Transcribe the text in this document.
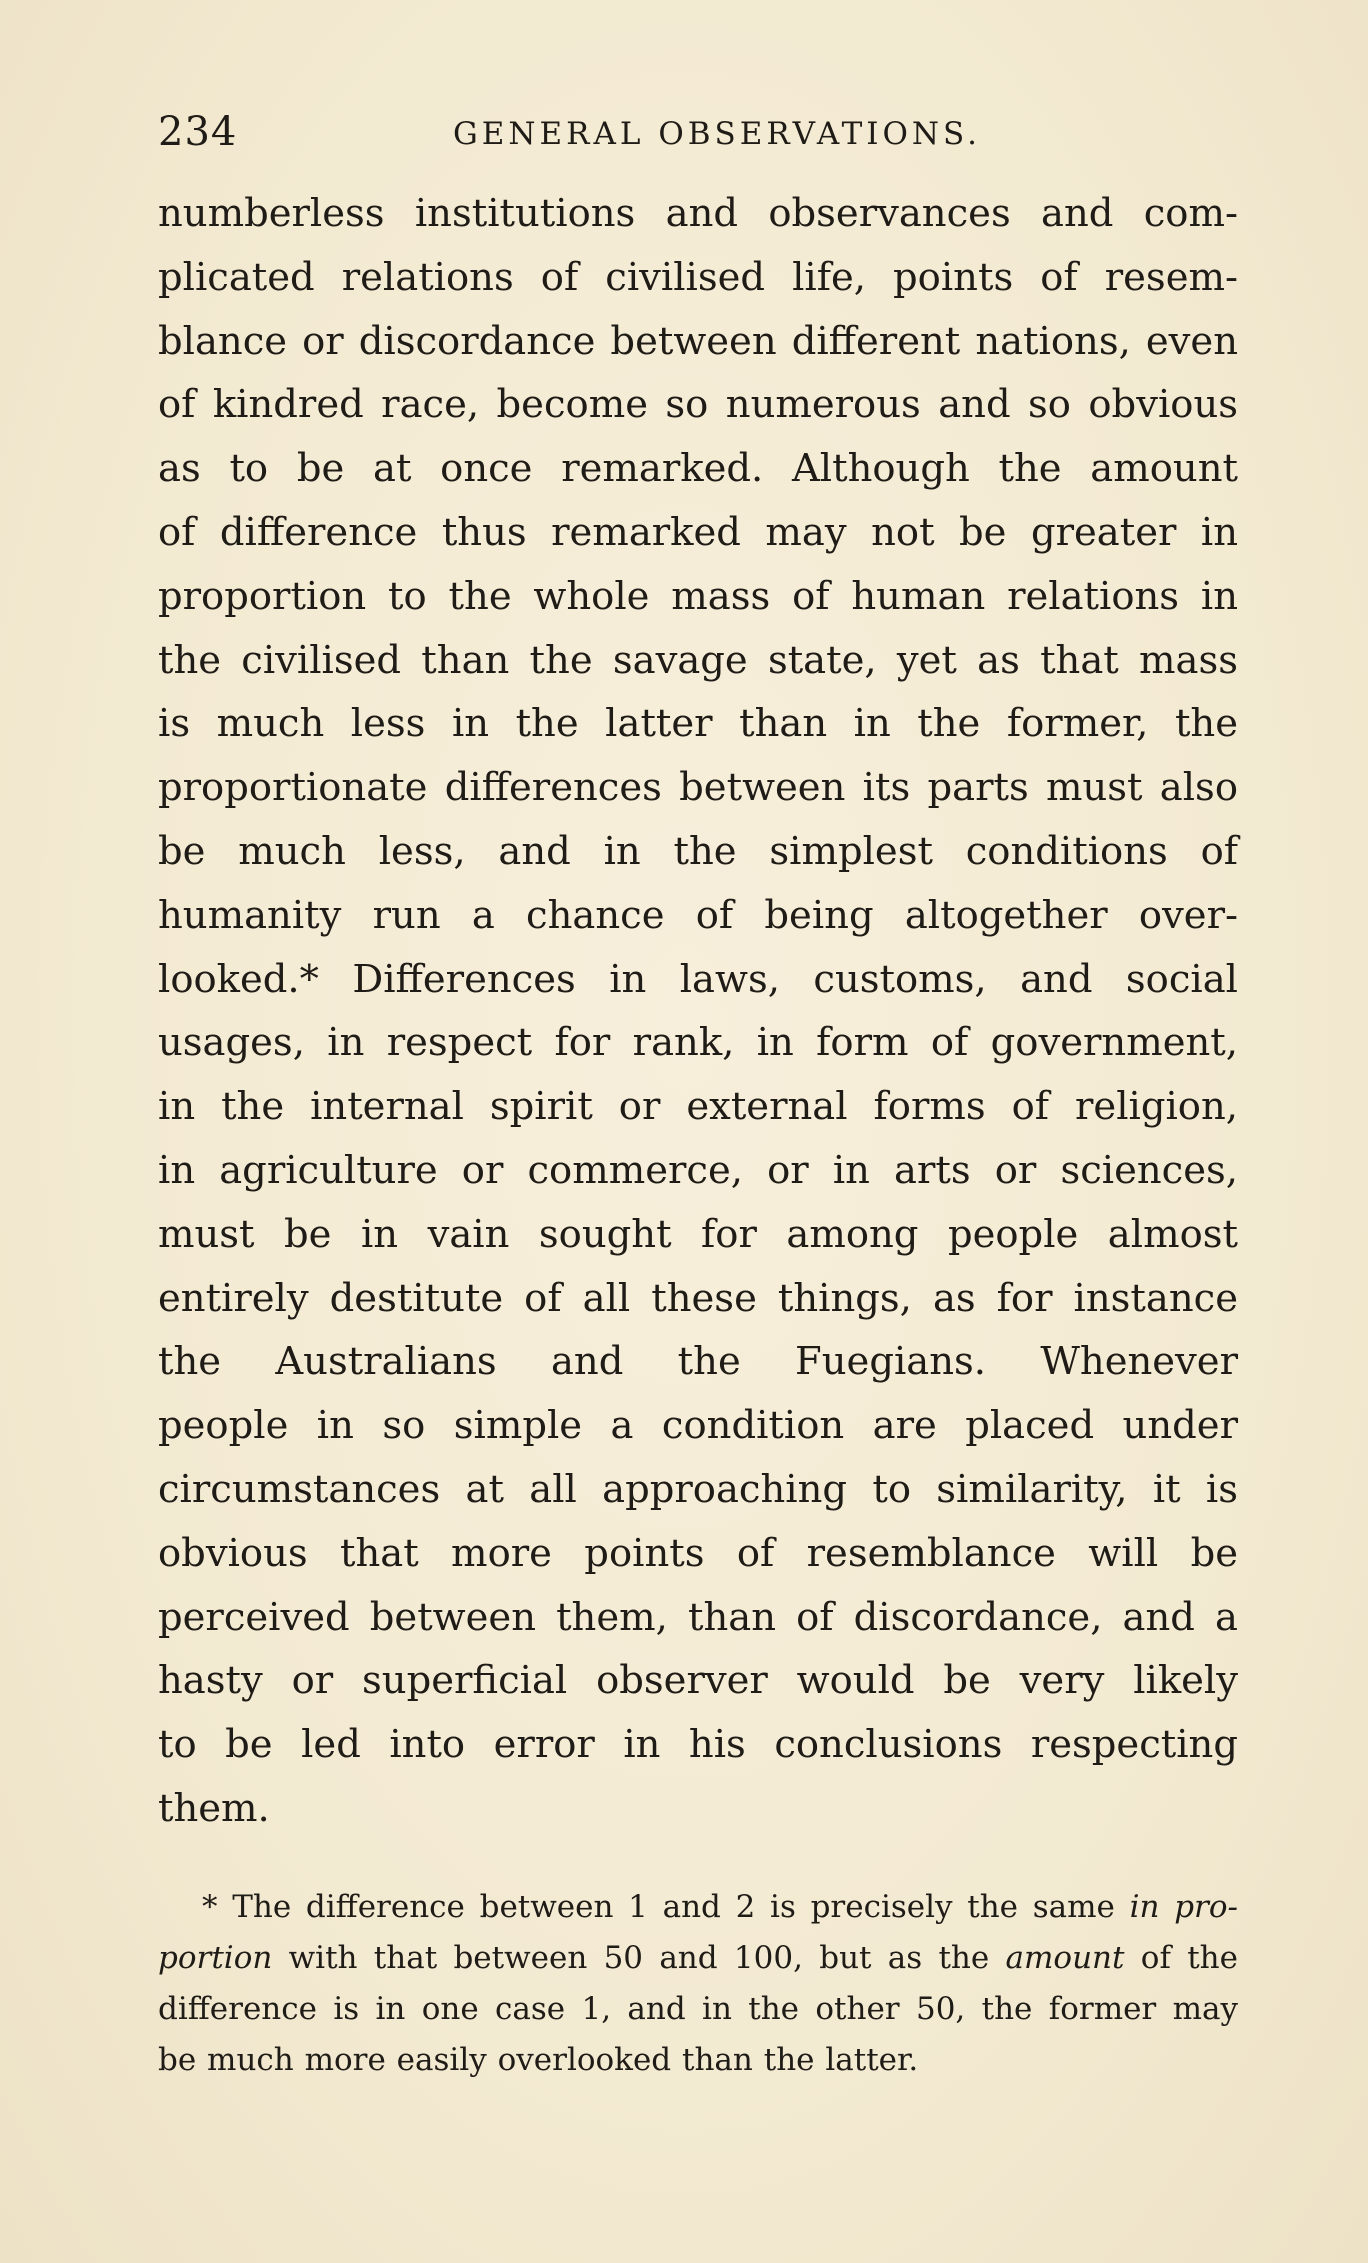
234	GENERAL OBSERVATIONS.
numberless institutions and observances and com-
plicated relations of civilised life, points of resem-
blance or discordance between different nations, even
of kindred race, become so numerous and so obvious
as to be at once remarked. Although the amount
of difference thus remarked may not be greater in
proportion to the whole mass of human relations in
the civilised than the savage state, yet as that mass
is much less in the latter than in the former, the
proportionate differences between its parts must also
be much less, and in the simplest conditions of
humanity run a chance of being altogether over-
looked.* Differences in laws, customs, and social
usages, in respect for rank, in form of government,
in the internal spirit or external forms of religion,
in agriculture or commerce, or in arts or sciences,
must be in vain sought for among people almost
entirely destitute of all these things, as for instance
the Australians and the Fuegians. Whenever
people in so simple a condition are placed under
circumstances at all approaching to similarity, it is
obvious that more points of resemblance will be
perceived between them, than of discordance, and a
hasty or superficial observer would be very likely
to be led into error in his conclusions respecting
them.
* The difference between 1 and 2 is precisely the same in pro-
portion with that between 50 and 100, but as the amount of the
difference is in one case 1, and in the other 50, the former may
be much more easily overlooked than the latter.
